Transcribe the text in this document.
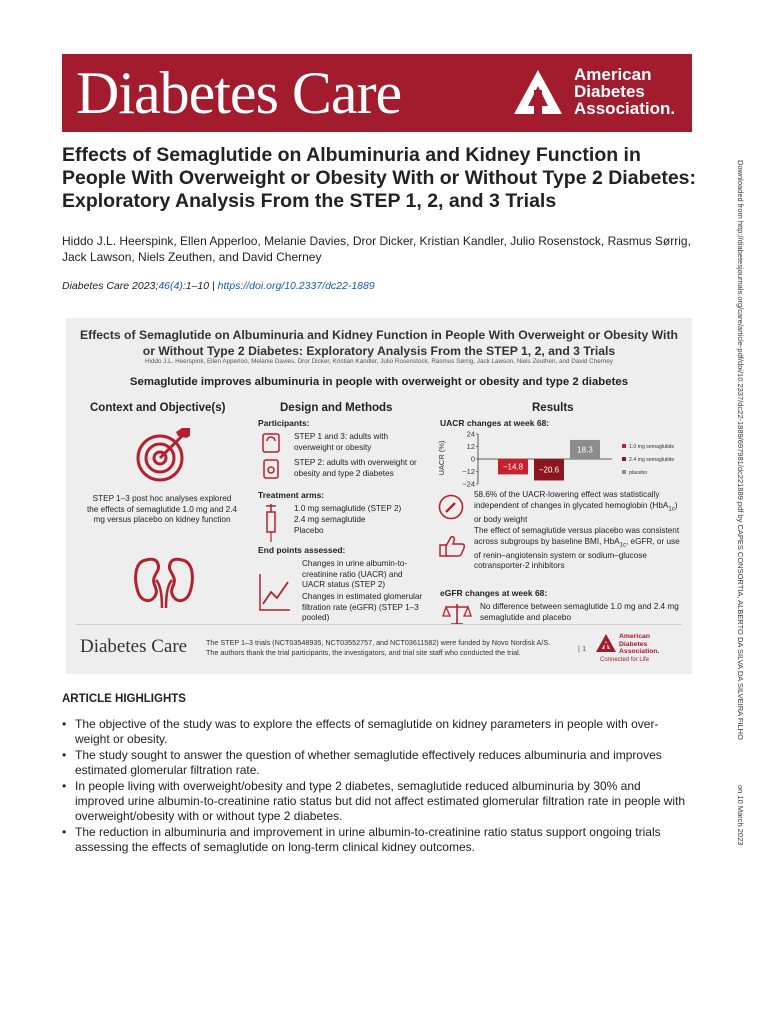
Diabetes Care	American
Diabetes
Association.
Effects of Semaglutide on Albuminuria and Kidney Function in People With Overweight or Obesity With or Without Type 2 Diabetes: Exploratory Analysis From the STEP 1, 2, and 3 Trials
Hiddo J.L. Heerspink, Ellen Apperloo, Melanie Davies, Dror Dicker, Kristian Kandler, Julio Rosenstock, Rasmus Sørrig, Jack Lawson, Niels Zeuthen, and David Cherney
Diabetes Care 2023;46(4):1–10 | https://doi.org/10.2337/dc22-1889	Downloaded from http://diabetesjournals.org/care/article-pdf/doi/10.2337/dc22-1889/697981/dc221889.pdf by CAPES CONSORTIA, ALBERTO DA SILVA DA SILVEIRA FILHO
on 10 March 2023
Effects of Semaglutide on Albuminuria and Kidney Function in People With Overweight or Obesity With or Without Type 2 Diabetes: Exploratory Analysis From the STEP 1, 2, and 3 Trials
Hiddo J.L. Heerspink, Ellen Apperloo, Melanie Davies, Dror Dicker, Kristian Kandler, Julio Rosenstock, Rasmus Sørrig, Jack Lawson, Niels Zeuthen, and David Cherney
Semaglutide improves albuminuria in people with overweight or obesity and type 2 diabetes
Context and Objective(s)
STEP 1–3 post hoc analyses explored the effects of semaglutide 1.0 mg and 2.4 mg versus placebo on kidney function
Design and Methods
Participants:
STEP 1 and 3: adults with overweight or obesity
STEP 2: adults with overweight or obesity and type 2 diabetes
Treatment arms:
1.0 mg semaglutide (STEP 2)
2.4 mg semaglutide
Placebo
End points assessed:
Changes in urine albumin-to-creatinine ratio (UACR) and UACR status (STEP 2)
Changes in estimated glomerular filtration rate (eGFR) (STEP 1–3 pooled)
Results
UACR changes at week 68:
UACR (%)
24
12
0
−12
−24
−14.8 −20.6
18.3	1.0 mg semaglutide
2.4 mg semaglutide
placebo
58.6% of the UACR-lowering effect was statistically independent of changes in glycated hemoglobin (HbA$_{1c}$) or body weight
The effect of semaglutide versus placebo was consistent across subgroups by baseline BMI, HbA$_{1c}$, eGFR, or use of renin–angiotensin system or sodium–glucose cotransporter-2 inhibitors
eGFR changes at week 68:
No difference between semaglutide 1.0 mg and 2.4 mg semaglutide and placebo
Diabetes Care	The STEP 1–3 trials (NCT03548935, NCT03552757, and NCT03611582) were funded by Novo Nordisk A/S. The authors thank the trial participants, the investigators, and trial site staff who conducted the trial.	| 1
American
Diabetes
Association.
Connected for Life
ARTICLE HIGHLIGHTS
• The objective of the study was to explore the effects of semaglutide on kidney parameters in people with over-weight or obesity.
• The study sought to answer the question of whether semaglutide effectively reduces albuminuria and improves estimated glomerular filtration rate.
• In people living with overweight/obesity and type 2 diabetes, semaglutide reduced albuminuria by 30% and improved urine albumin-to-creatinine ratio status but did not affect estimated glomerular filtration rate in people with overweight/obesity with or without type 2 diabetes.
• The reduction in albuminuria and improvement in urine albumin-to-creatinine ratio status support ongoing trials assessing the effects of semaglutide on long-term clinical kidney outcomes.
